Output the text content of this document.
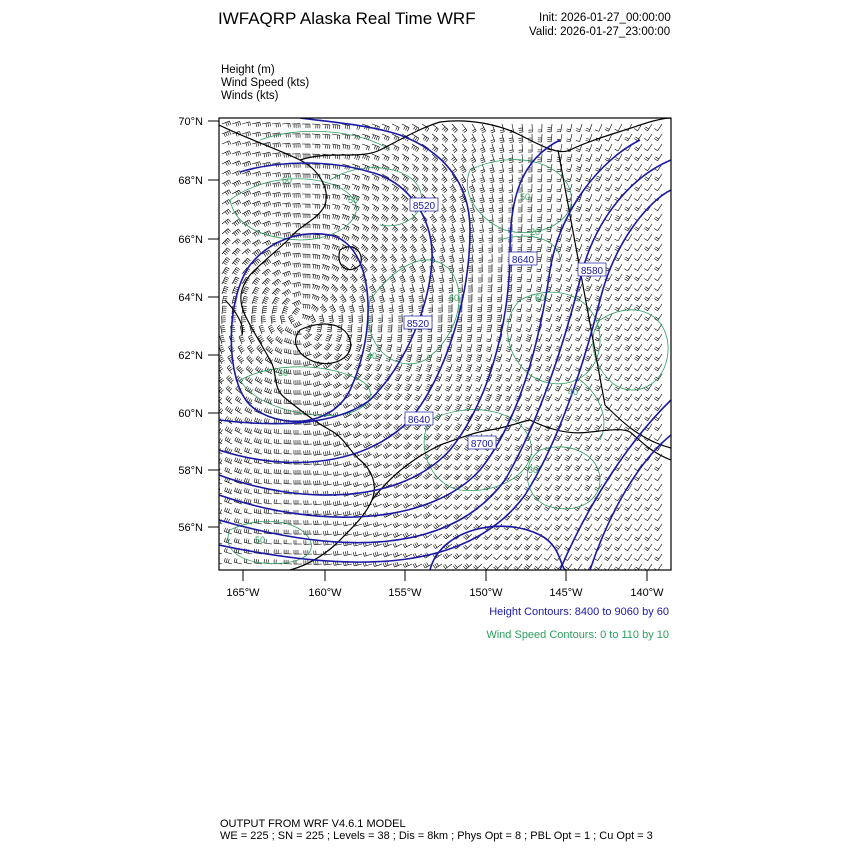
IWFAQRP Alaska Real Time WRF	Init: 2026-01-27_00:00:00
Valid: 2026-01-27_23:00:00
Height (m)
Wind Speed (kts)
Winds (kts)
70°N
68°N
66°N
64°N
62°N
60°N
58°N
56°N
165°W	160°W	155°W	150°W	145°W	140°W
8520
8640
8580
8520
8640
8700
60
50
30
40
60
50
20
60
40
30
50
Height Contours: 8400 to 9060 by 60
Wind Speed Contours: 0 to 110 by 10
OUTPUT FROM WRF V4.6.1 MODEL
WE = 225 ; SN = 225 ; Levels = 38 ; Dis = 8km ; Phys Opt = 8 ; PBL Opt = 1 ; Cu Opt = 3
